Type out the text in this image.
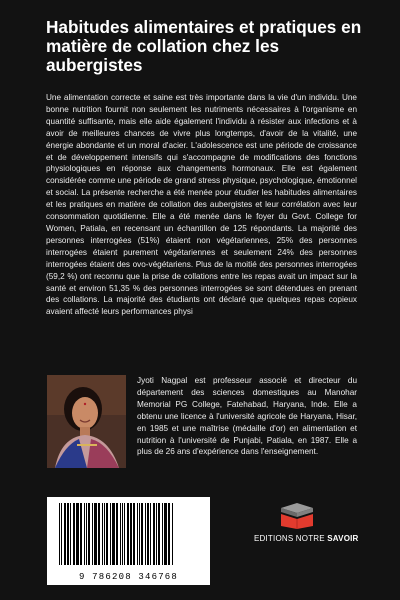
Habitudes alimentaires et pratiques en matière de collation chez les aubergistes

Une alimentation correcte et saine est très importante dans la vie d'un individu. Une bonne nutrition fournit non seulement les nutriments nécessaires à l'organisme en quantité suffisante, mais elle aide également l'individu à résister aux infections et à avoir de meilleures chances de vivre plus longtemps, d'avoir de la vitalité, une énergie abondante et un moral d'acier. L'adolescence est une période de croissance et de développement intensifs qui s'accompagne de modifications des fonctions physiologiques en réponse aux changements hormonaux. Elle est également considérée comme une période de grand stress physique, psychologique, émotionnel et social. La présente recherche a été menée pour étudier les habitudes alimentaires et les pratiques en matière de collation des aubergistes et leur corrélation avec leur consommation quotidienne. Elle a été menée dans le foyer du Govt. College for Women, Patiala, en recensant un échantillon de 125 répondants. La majorité des personnes interrogées (51%) étaient non végétariennes, 25% des personnes interrogées étaient purement végétariennes et seulement 24% des personnes interrogées étaient des ovo-végétariens. Plus de la moitié des personnes interrogées (59,2 %) ont reconnu que la prise de collations entre les repas avait un impact sur la santé et environ 51,35 % des personnes interrogées se sont détendues en prenant des collations. La majorité des étudiants ont déclaré que quelques repas copieux avaient affecté leurs performances physi

Jyoti Nagpal est professeur associé et directeur du département des sciences domestiques au Manohar Memorial PG College, Fatehabad, Haryana, Inde. Elle a obtenu une licence à l'université agricole de Haryana, Hisar, en 1985 et une maîtrise (médaille d'or) en alimentation et nutrition à l'université de Punjabi, Patiala, en 1987. Elle a plus de 26 ans d'expérience dans l'enseignement.

9 786208 346768
EDITIONS NOTRE SAVOIR
